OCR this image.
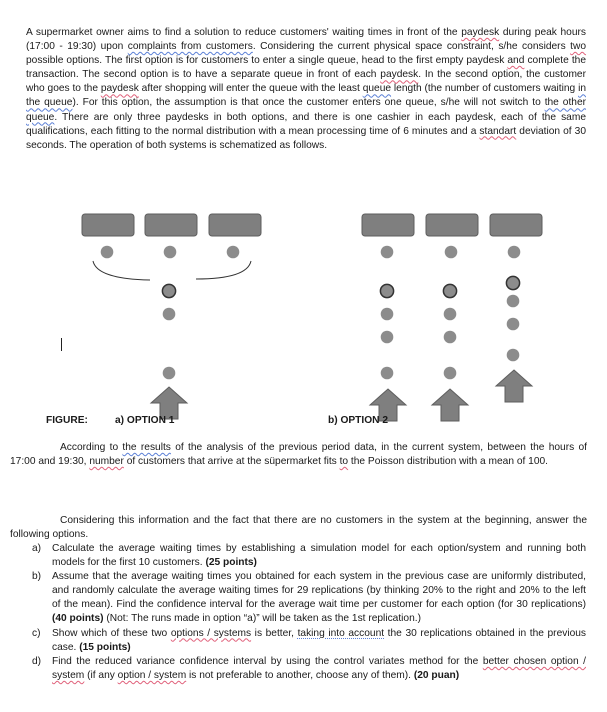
A supermarket owner aims to find a solution to reduce customers' waiting times in front of the paydesk during peak hours (17:00 - 19:30) upon complaints from customers. Considering the current physical space constraint, s/he considers two possible options. The first option is for customers to enter a single queue, head to the first empty paydesk and complete the transaction. The second option is to have a separate queue in front of each paydesk. In the second option, the customer who goes to the paydesk after shopping will enter the queue with the least queue length (the number of customers waiting in the queue). For this option, the assumption is that once the customer enters one queue, s/he will not switch to the other queue. There are only three paydesks in both options, and there is one cashier in each paydesk, each of the same qualifications, each fitting to the normal distribution with a mean processing time of 6 minutes and a standart deviation of 30 seconds. The operation of both systems is schematized as follows.

FIGURE:	a) OPTION 1	b) OPTION 2

According to the results of the analysis of the previous period data, in the current system, between the hours of 17:00 and 19:30, number of customers that arrive at the süpermarket fits to the Poisson distribution with a mean of 100.

Considering this information and the fact that there are no customers in the system at the beginning, answer the following options.

a) Calculate the average waiting times by establishing a simulation model for each option/system and running both models for the first 10 customers. (25 points)
b) Assume that the average waiting times you obtained for each system in the previous case are uniformly distributed, and randomly calculate the average waiting times for 29 replications (by thinking 20% to the right and 20% to the left of the mean). Find the confidence interval for the average wait time per customer for each option (for 30 replications) (40 points) (Not: The runs made in option “a)” will be taken as the 1st replication.)
c) Show which of these two options / systems is better, taking into account the 30 replications obtained in the previous case. (15 points)
d) Find the reduced variance confidence interval by using the control variates method for the better chosen option / system (if any option / system is not preferable to another, choose any of them). (20 puan)
